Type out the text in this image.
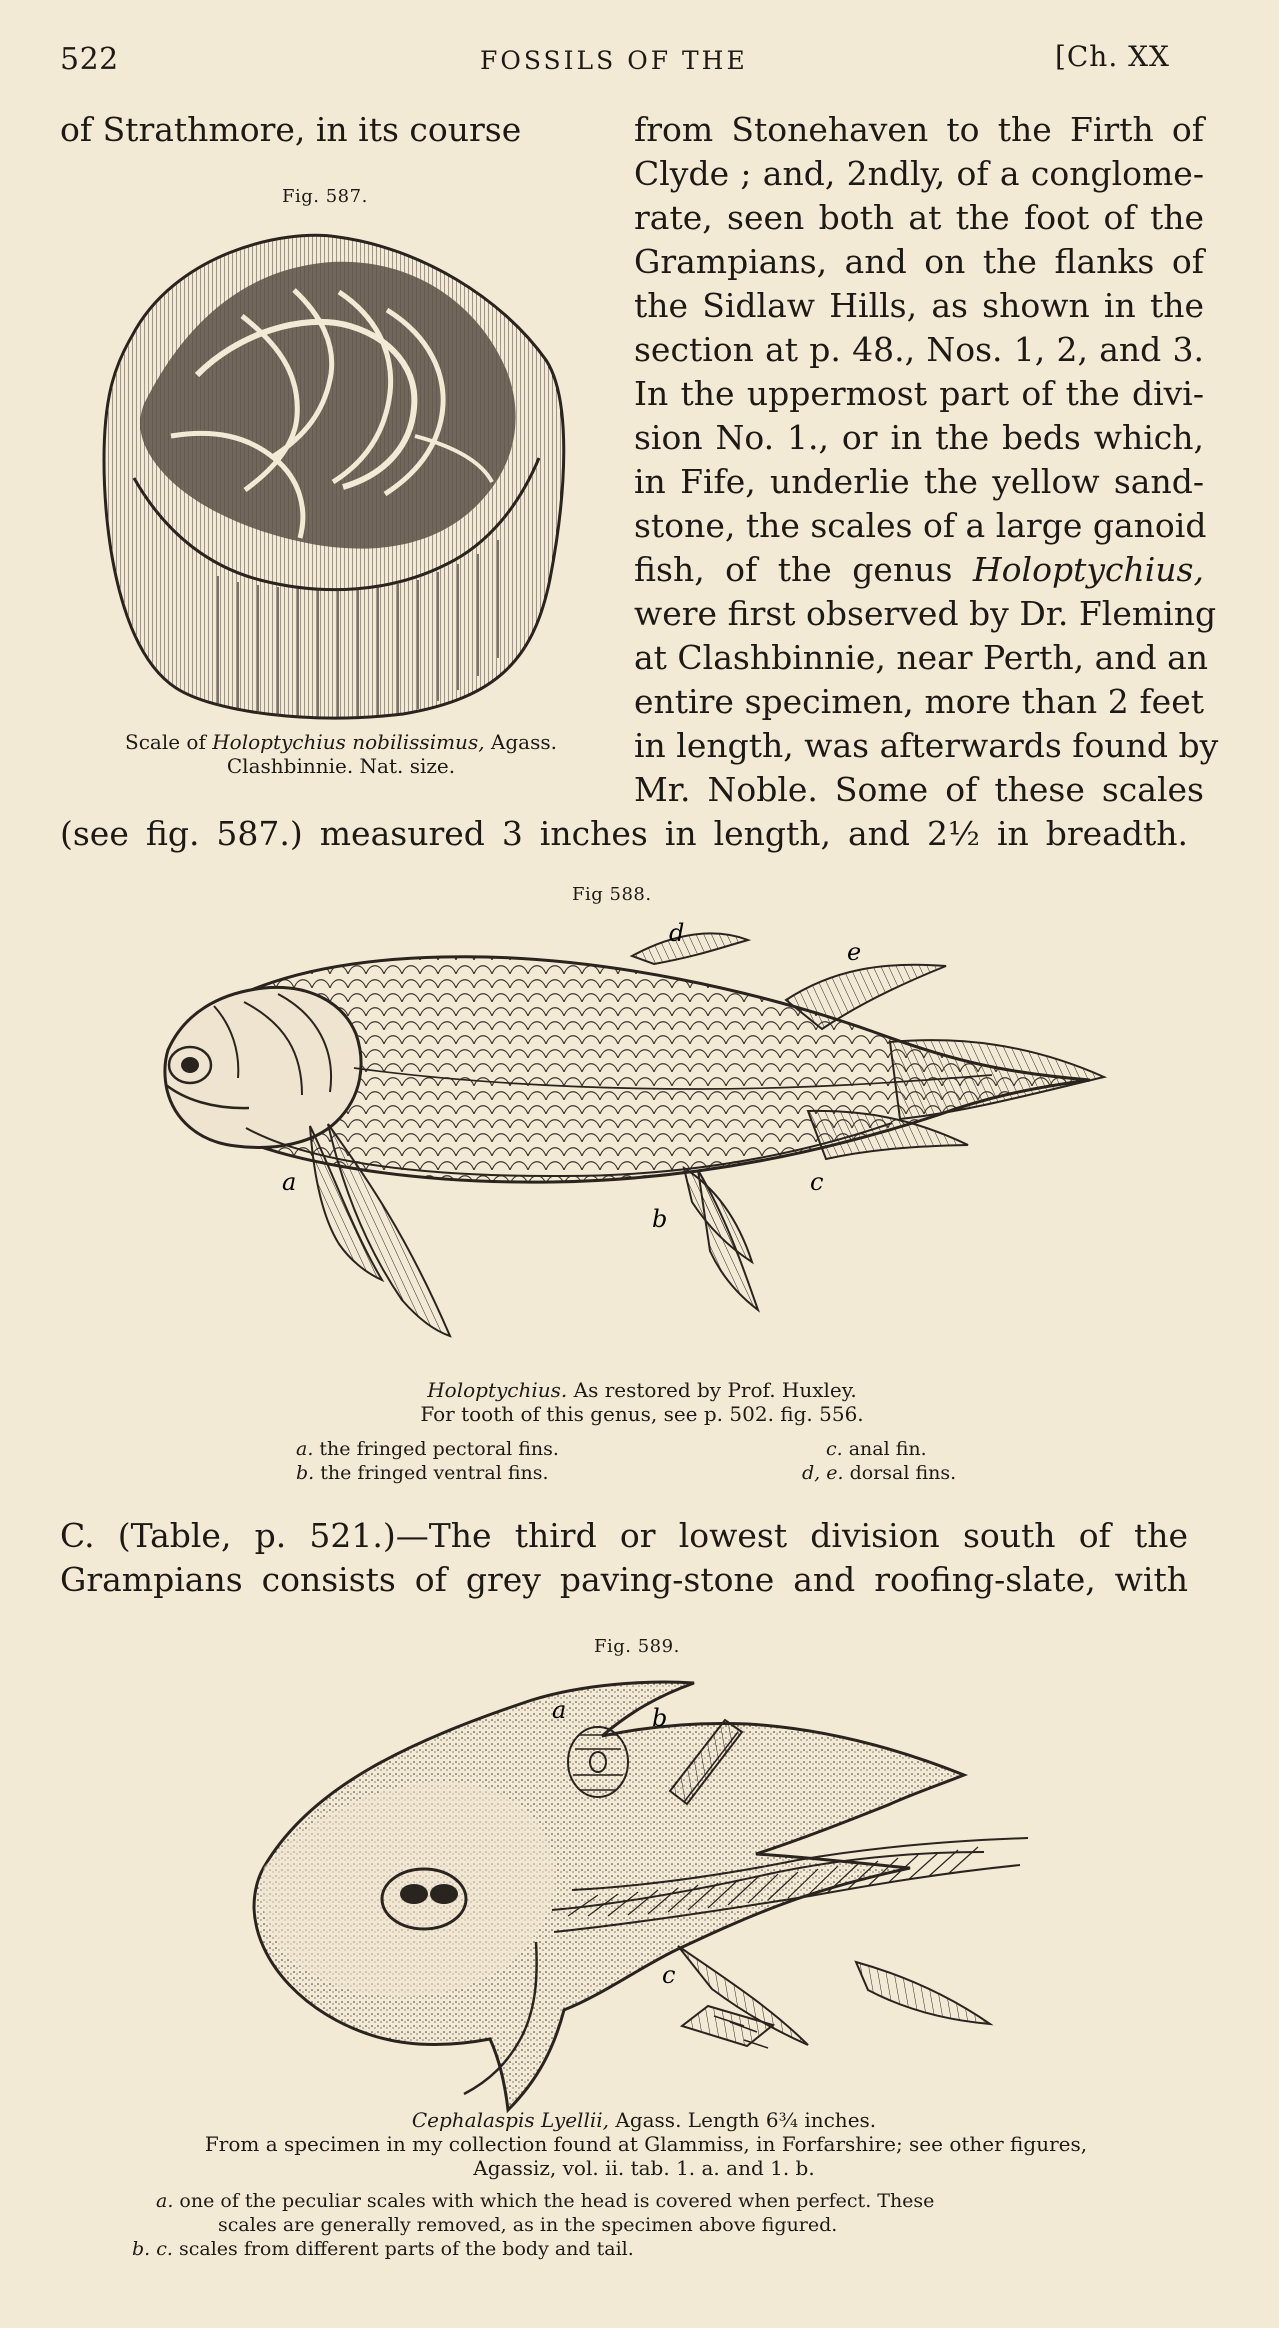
522	FOSSILS OF THE	[Ch. XX
of Strathmore, in its course	from Stonehaven to the Firth of
Fig. 587.
Scale of Holoptychius nobilissimus, Agass.
Clashbinnie. Nat. size.
Clyde ; and, 2ndly, of a conglome-
rate, seen both at the foot of the
Grampians, and on the flanks of
the Sidlaw Hills, as shown in the
section at p. 48., Nos. 1, 2, and 3.
In the uppermost part of the divi-
sion No. 1., or in the beds which,
in Fife, underlie the yellow sand-
stone, the scales of a large ganoid
fish, of the genus Holoptychius,
were first observed by Dr. Fleming
at Clashbinnie, near Perth, and an
entire specimen, more than 2 feet
in length, was afterwards found by
Mr. Noble. Some of these scales
(see fig. 587.) measured 3 inches in length, and 2½ in breadth.
Fig 588.
a
b
c
d
e
Holoptychius. As restored by Prof. Huxley.
For tooth of this genus, see p. 502. fig. 556.
a. the fringed pectoral fins.
b. the fringed ventral fins.
c. anal fin.
d, e. dorsal fins.
C. (Table, p. 521.)—The third or lowest division south of the
Grampians consists of grey paving-stone and roofing-slate, with
Fig. 589.
a	b
c
Cephalaspis Lyellii, Agass. Length 6¾ inches.
From a specimen in my collection found at Glammiss, in Forfarshire; see other figures,
Agassiz, vol. ii. tab. 1. a. and 1. b.
a. one of the peculiar scales with which the head is covered when perfect. These
scales are generally removed, as in the specimen above figured.
b. c. scales from different parts of the body and tail.
